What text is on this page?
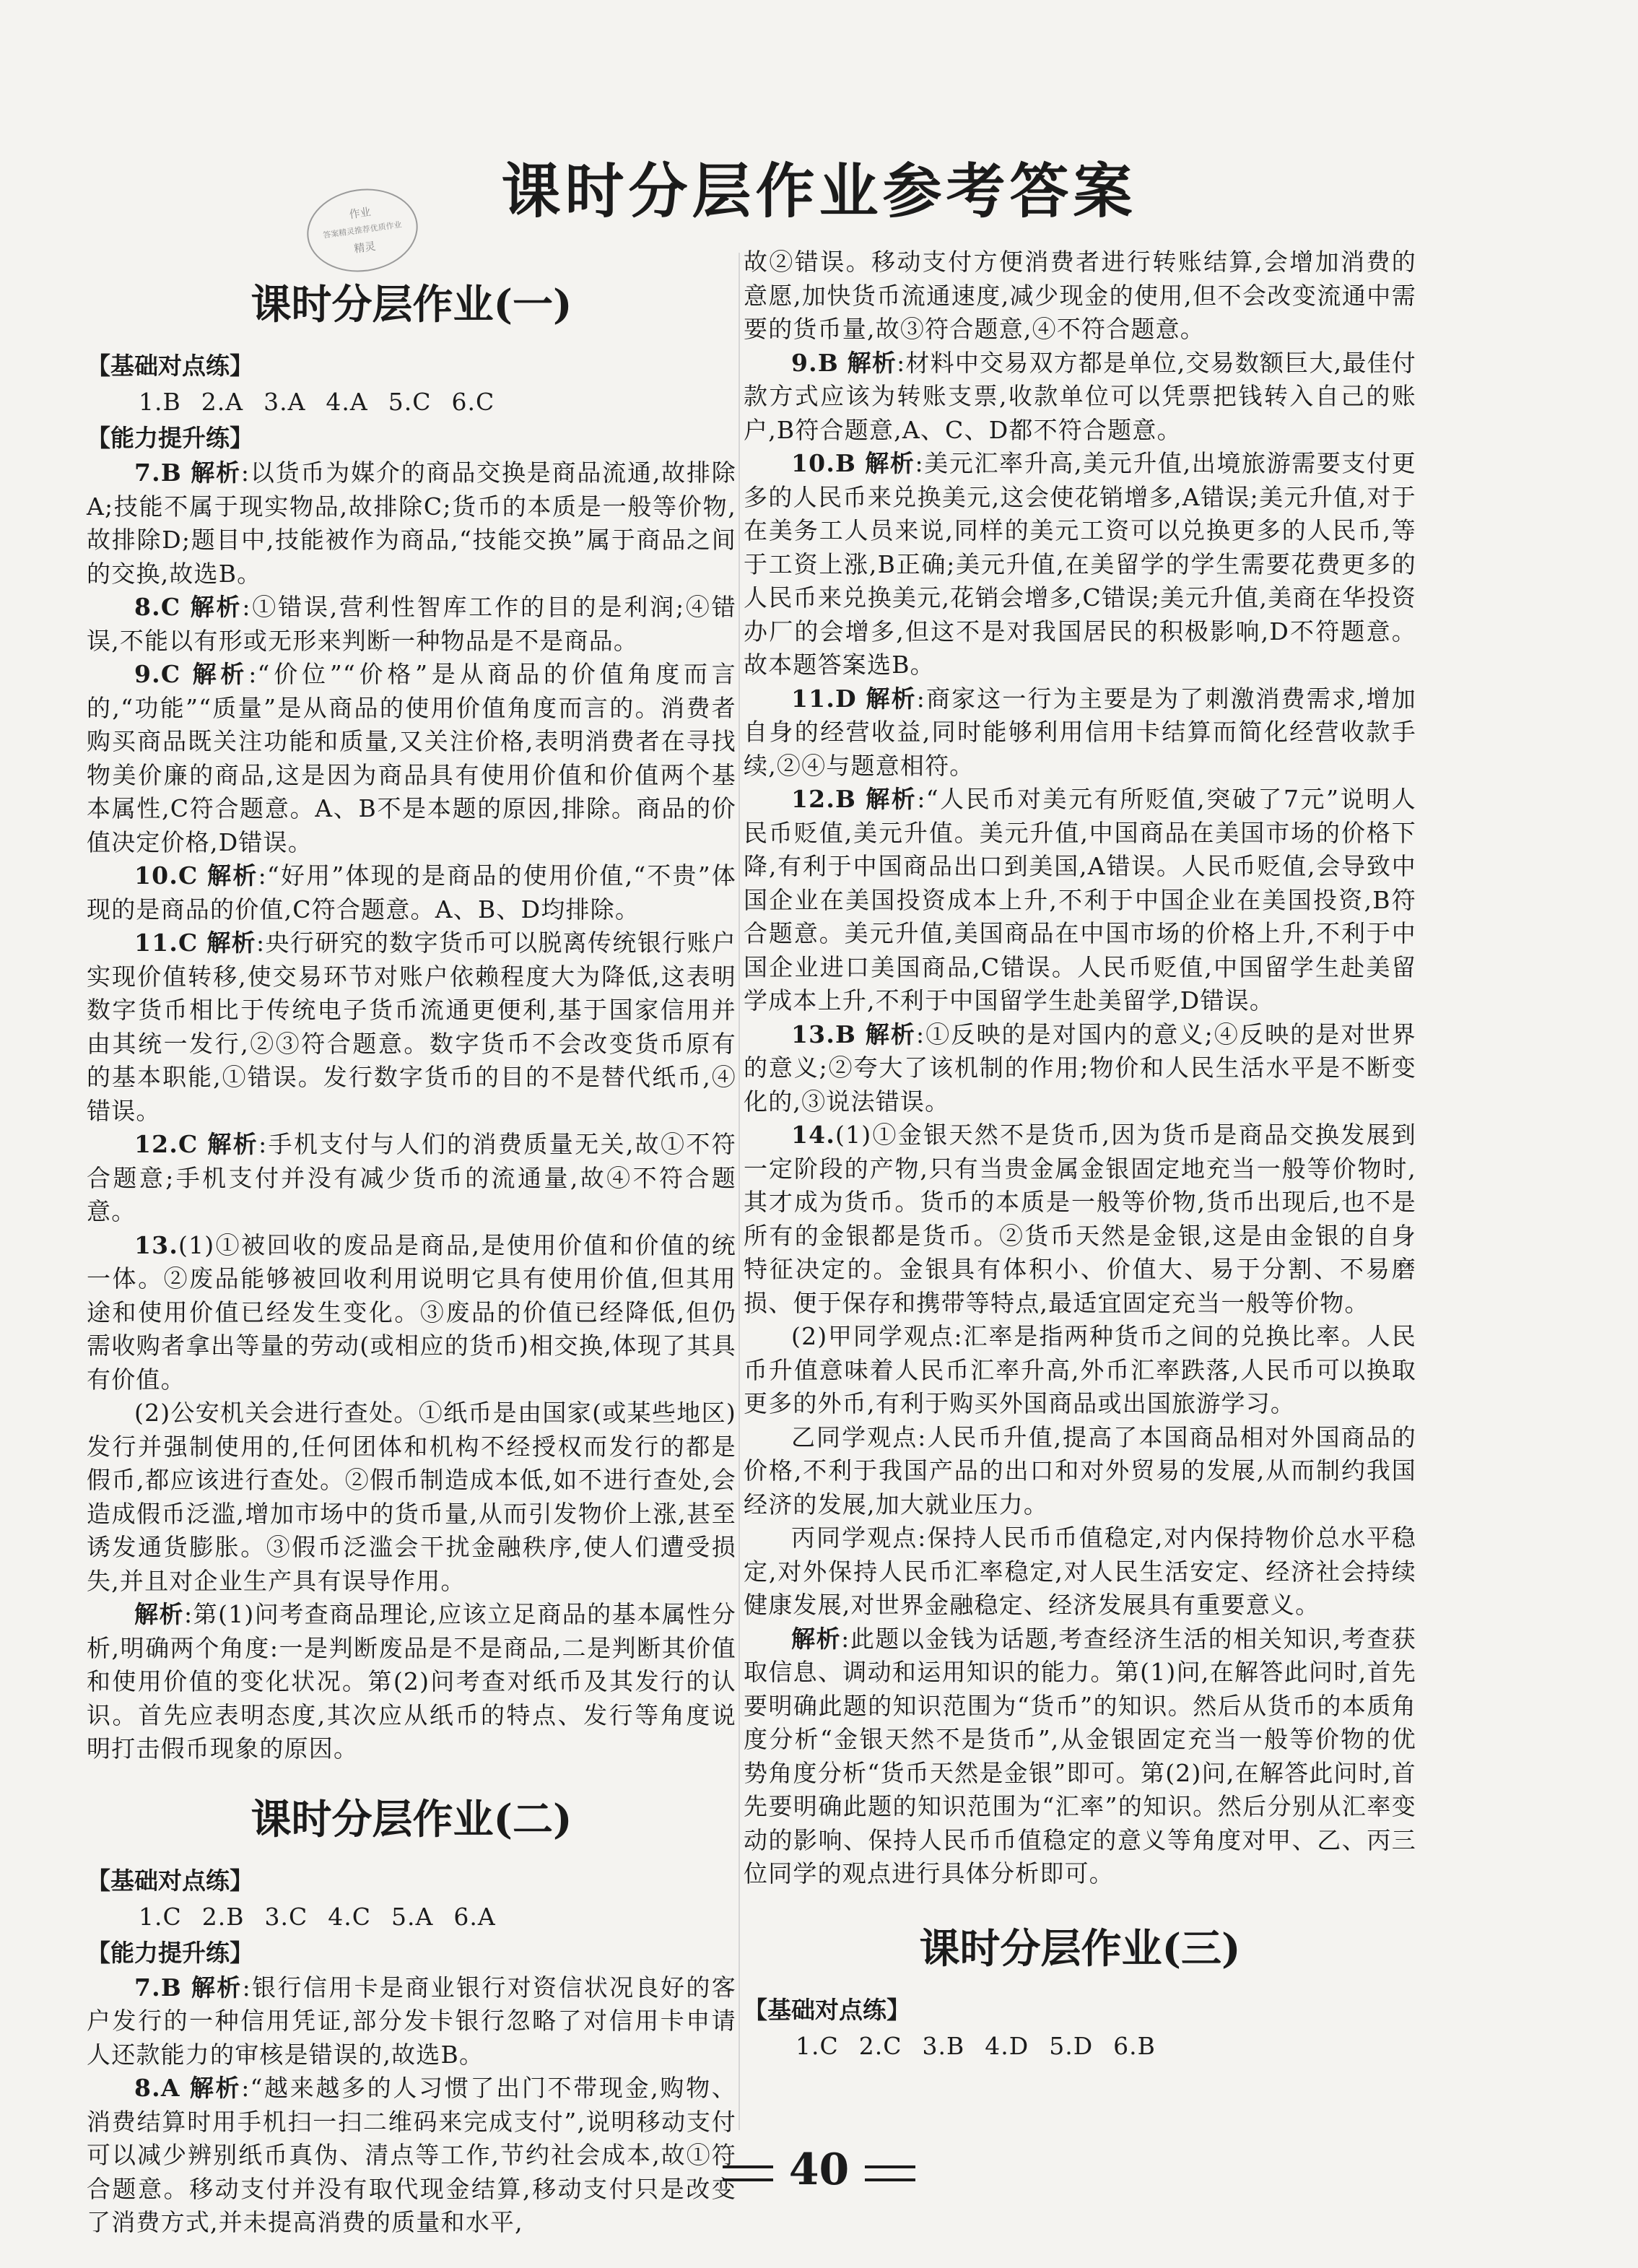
课时分层作业参考答案
作业
答案精灵推荐优质作业
精灵
课时分层作业(一)
【基础对点练】
1.B 2.A 3.A 4.A 5.C 6.C
【能力提升练】

7.B 解析:以货币为媒介的商品交换是商品流通,故排除A;技能不属于现实物品,故排除C;货币的本质是一般等价物,故排除D;题目中,技能被作为商品,“技能交换”属于商品之间的交换,故选B。

8.C 解析:①错误,营利性智库工作的目的是利润;④错误,不能以有形或无形来判断一种物品是不是商品。

9.C 解析:“价位”“价格”是从商品的价值角度而言的,“功能”“质量”是从商品的使用价值角度而言的。消费者购买商品既关注功能和质量,又关注价格,表明消费者在寻找物美价廉的商品,这是因为商品具有使用价值和价值两个基本属性,C符合题意。A、B不是本题的原因,排除。商品的价值决定价格,D错误。

10.C 解析:“好用”体现的是商品的使用价值,“不贵”体现的是商品的价值,C符合题意。A、B、D均排除。

11.C 解析:央行研究的数字货币可以脱离传统银行账户实现价值转移,使交易环节对账户依赖程度大为降低,这表明数字货币相比于传统电子货币流通更便利,基于国家信用并由其统一发行,②③符合题意。数字货币不会改变货币原有的基本职能,①错误。发行数字货币的目的不是替代纸币,④错误。

12.C 解析:手机支付与人们的消费质量无关,故①不符合题意;手机支付并没有减少货币的流通量,故④不符合题意。

13.(1)①被回收的废品是商品,是使用价值和价值的统一体。②废品能够被回收利用说明它具有使用价值,但其用途和使用价值已经发生变化。③废品的价值已经降低,但仍需收购者拿出等量的劳动(或相应的货币)相交换,体现了其具有价值。

(2)公安机关会进行查处。①纸币是由国家(或某些地区)发行并强制使用的,任何团体和机构不经授权而发行的都是假币,都应该进行查处。②假币制造成本低,如不进行查处,会造成假币泛滥,增加市场中的货币量,从而引发物价上涨,甚至诱发通货膨胀。③假币泛滥会干扰金融秩序,使人们遭受损失,并且对企业生产具有误导作用。

解析:第(1)问考查商品理论,应该立足商品的基本属性分析,明确两个角度:一是判断废品是不是商品,二是判断其价值和使用价值的变化状况。第(2)问考查对纸币及其发行的认识。首先应表明态度,其次应从纸币的特点、发行等角度说明打击假币现象的原因。

课时分层作业(二)
【基础对点练】
1.C 2.B 3.C 4.C 5.A 6.A
【能力提升练】

7.B 解析:银行信用卡是商业银行对资信状况良好的客户发行的一种信用凭证,部分发卡银行忽略了对信用卡申请人还款能力的审核是错误的,故选B。

8.A 解析:“越来越多的人习惯了出门不带现金,购物、消费结算时用手机扫一扫二维码来完成支付”,说明移动支付可以减少辨别纸币真伪、清点等工作,节约社会成本,故①符合题意。移动支付并没有取代现金结算,移动支付只是改变了消费方式,并未提高消费的质量和水平,

故②错误。移动支付方便消费者进行转账结算,会增加消费的意愿,加快货币流通速度,减少现金的使用,但不会改变流通中需要的货币量,故③符合题意,④不符合题意。

9.B 解析:材料中交易双方都是单位,交易数额巨大,最佳付款方式应该为转账支票,收款单位可以凭票把钱转入自己的账户,B符合题意,A、C、D都不符合题意。

10.B 解析:美元汇率升高,美元升值,出境旅游需要支付更多的人民币来兑换美元,这会使花销增多,A错误;美元升值,对于在美务工人员来说,同样的美元工资可以兑换更多的人民币,等于工资上涨,B正确;美元升值,在美留学的学生需要花费更多的人民币来兑换美元,花销会增多,C错误;美元升值,美商在华投资办厂的会增多,但这不是对我国居民的积极影响,D不符题意。故本题答案选B。

11.D 解析:商家这一行为主要是为了刺激消费需求,增加自身的经营收益,同时能够利用信用卡结算而简化经营收款手续,②④与题意相符。

12.B 解析:“人民币对美元有所贬值,突破了7元”说明人民币贬值,美元升值。美元升值,中国商品在美国市场的价格下降,有利于中国商品出口到美国,A错误。人民币贬值,会导致中国企业在美国投资成本上升,不利于中国企业在美国投资,B符合题意。美元升值,美国商品在中国市场的价格上升,不利于中国企业进口美国商品,C错误。人民币贬值,中国留学生赴美留学成本上升,不利于中国留学生赴美留学,D错误。

13.B 解析:①反映的是对国内的意义;④反映的是对世界的意义;②夸大了该机制的作用;物价和人民生活水平是不断变化的,③说法错误。

14.(1)①金银天然不是货币,因为货币是商品交换发展到一定阶段的产物,只有当贵金属金银固定地充当一般等价物时,其才成为货币。货币的本质是一般等价物,货币出现后,也不是所有的金银都是货币。②货币天然是金银,这是由金银的自身特征决定的。金银具有体积小、价值大、易于分割、不易磨损、便于保存和携带等特点,最适宜固定充当一般等价物。

(2)甲同学观点:汇率是指两种货币之间的兑换比率。人民币升值意味着人民币汇率升高,外币汇率跌落,人民币可以换取更多的外币,有利于购买外国商品或出国旅游学习。

乙同学观点:人民币升值,提高了本国商品相对外国商品的价格,不利于我国产品的出口和对外贸易的发展,从而制约我国经济的发展,加大就业压力。

丙同学观点:保持人民币币值稳定,对内保持物价总水平稳定,对外保持人民币汇率稳定,对人民生活安定、经济社会持续健康发展,对世界金融稳定、经济发展具有重要意义。

解析:此题以金钱为话题,考查经济生活的相关知识,考查获取信息、调动和运用知识的能力。第(1)问,在解答此问时,首先要明确此题的知识范围为“货币”的知识。然后从货币的本质角度分析“金银天然不是货币”,从金银固定充当一般等价物的优势角度分析“货币天然是金银”即可。第(2)问,在解答此问时,首先要明确此题的知识范围为“汇率”的知识。然后分别从汇率变动的影响、保持人民币币值稳定的意义等角度对甲、乙、丙三位同学的观点进行具体分析即可。

课时分层作业(三)
【基础对点练】
1.C 2.C 3.B 4.D 5.D 6.B
40
